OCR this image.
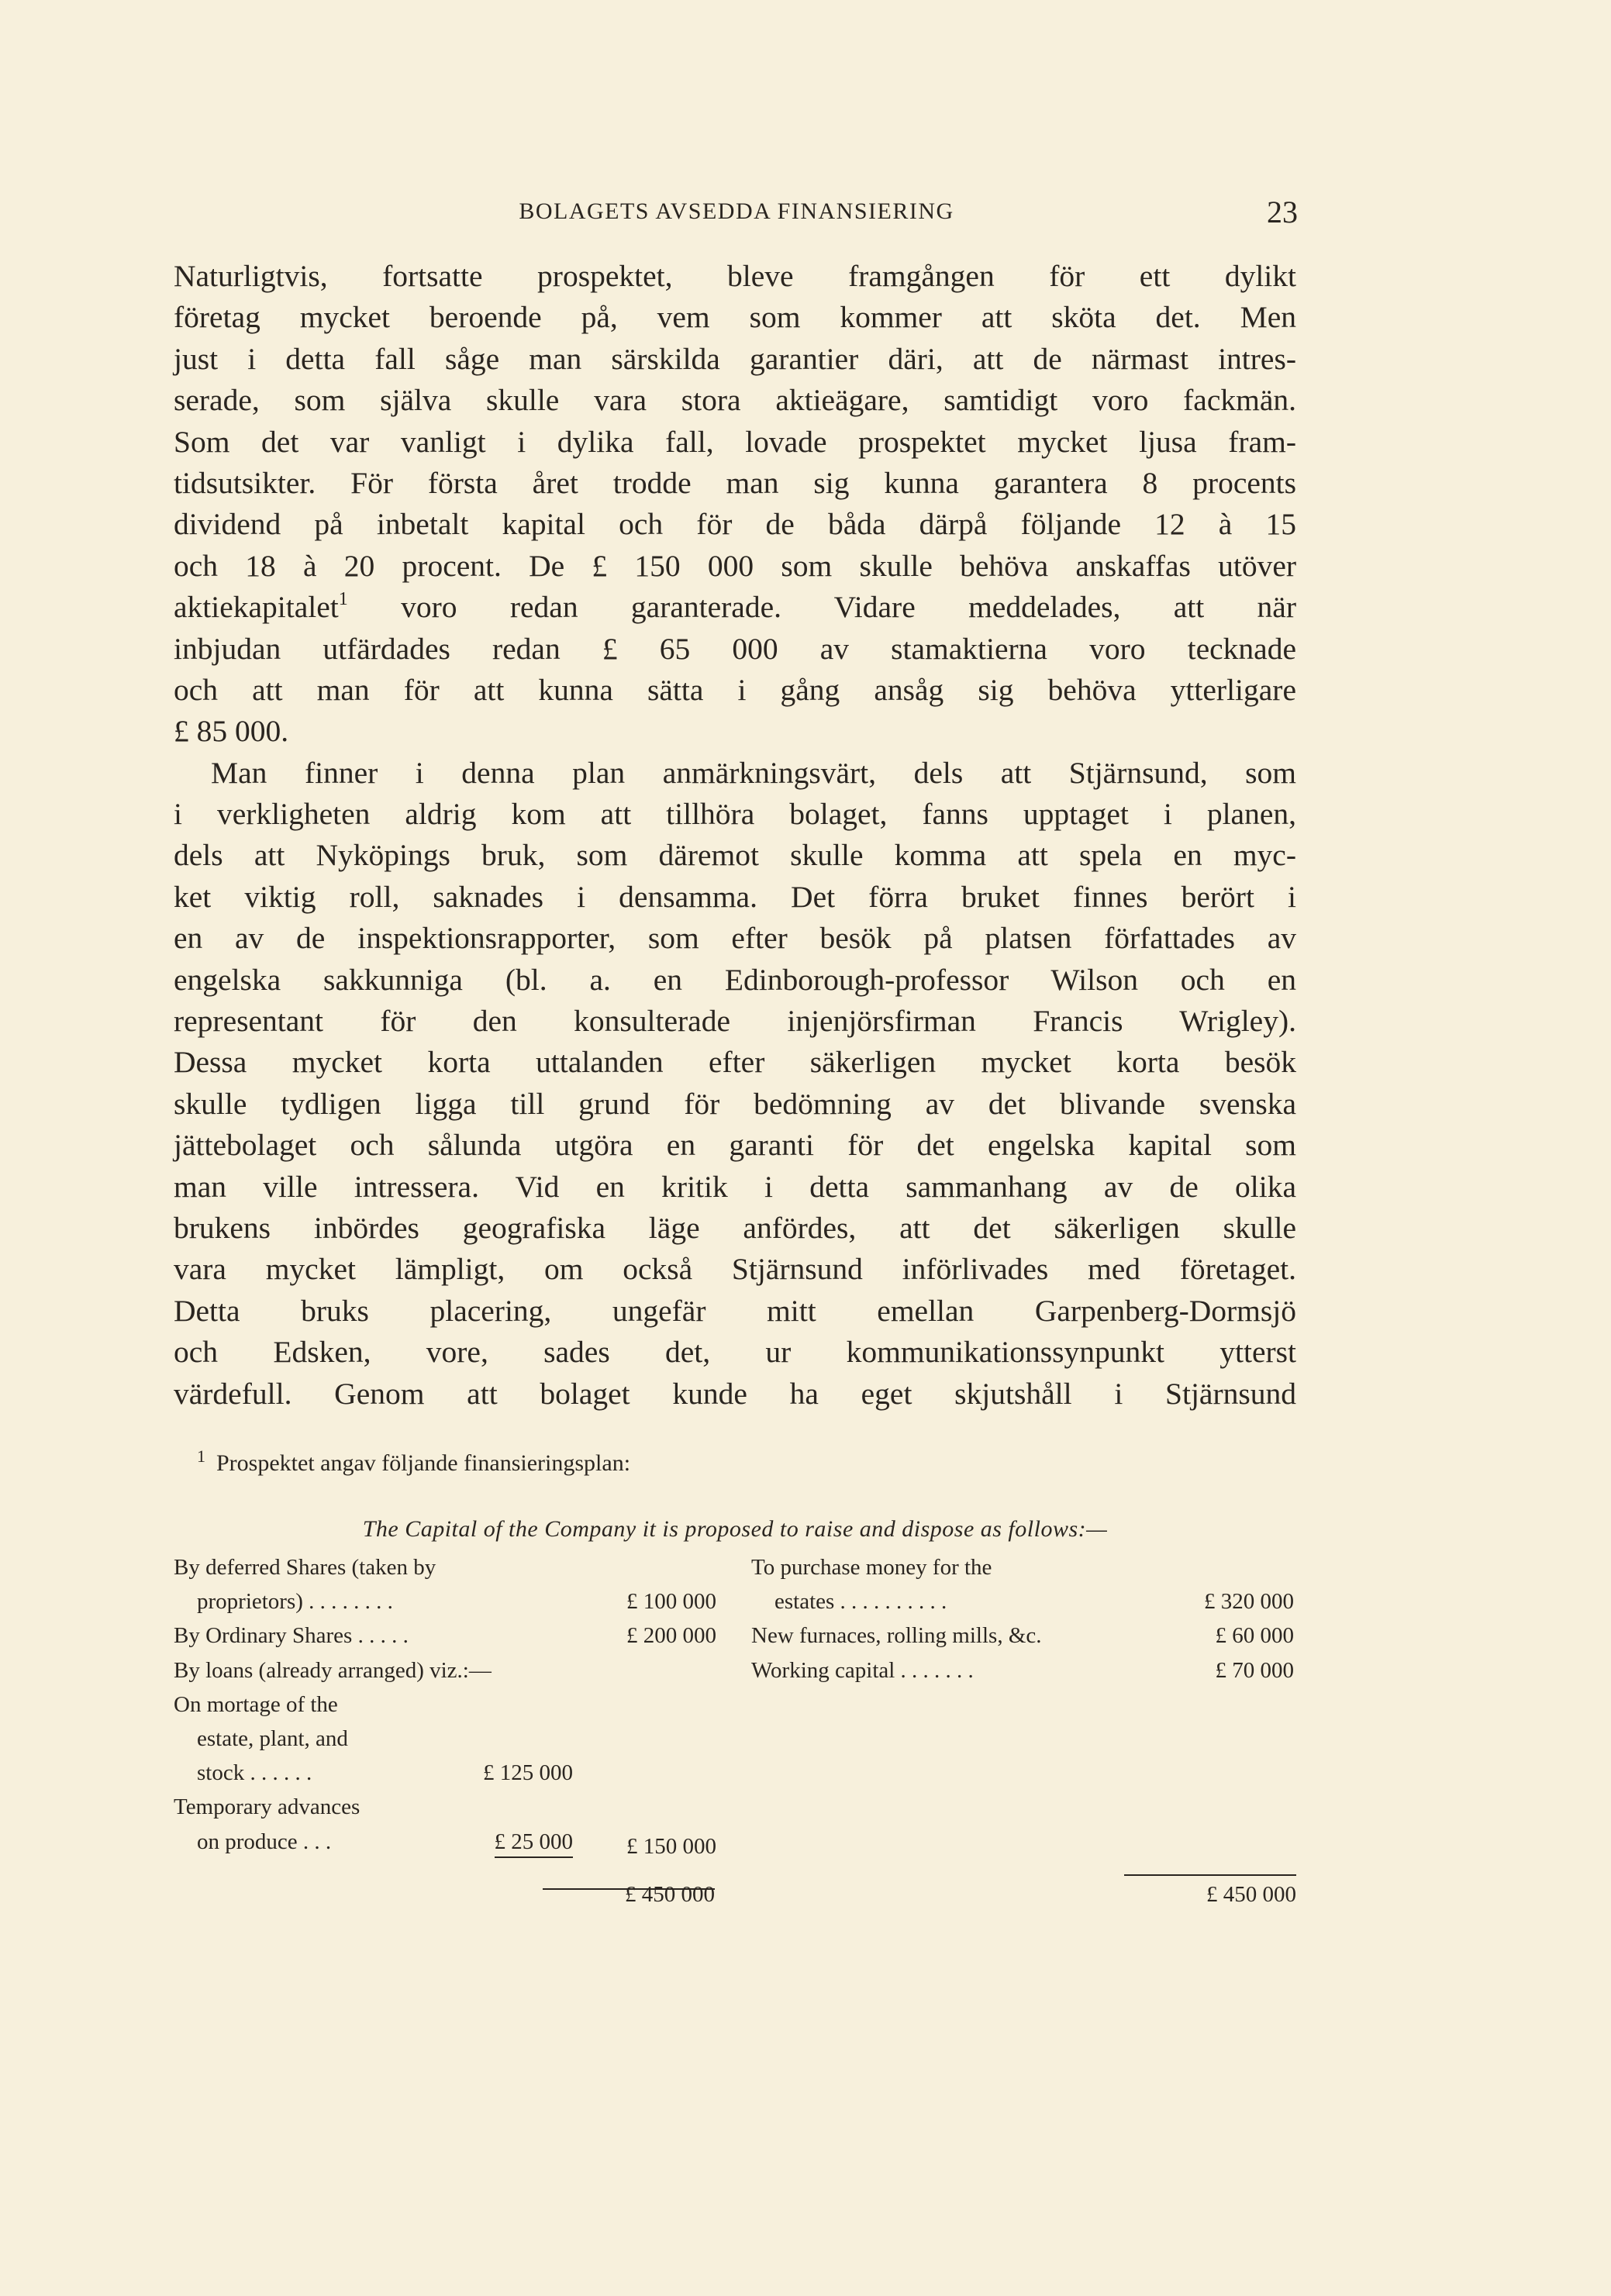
BOLAGETS AVSEDDA FINANSIERING	23
Naturligtvis, fortsatte prospektet, bleve framgången för ett dylikt
företag mycket beroende på, vem som kommer att sköta det. Men
just i detta fall såge man särskilda garantier däri, att de närmast intres-
serade, som själva skulle vara stora aktieägare, samtidigt voro fackmän.
Som det var vanligt i dylika fall, lovade prospektet mycket ljusa fram-
tidsutsikter. För första året trodde man sig kunna garantera 8 procents
dividend på inbetalt kapital och för de båda därpå följande 12 à 15
och 18 à 20 procent. De £ 150 000 som skulle behöva anskaffas utöver
aktiekapitalet$^1$ voro redan garanterade. Vidare meddelades, att när
inbjudan utfärdades redan £ 65 000 av stamaktierna voro tecknade
och att man för att kunna sätta i gång ansåg sig behöva ytterligare
£ 85 000.
Man finner i denna plan anmärkningsvärt, dels att Stjärnsund, som
i verkligheten aldrig kom att tillhöra bolaget, fanns upptaget i planen,
dels att Nyköpings bruk, som däremot skulle komma att spela en myc-
ket viktig roll, saknades i densamma. Det förra bruket finnes berört i
en av de inspektionsrapporter, som efter besök på platsen författades av
engelska sakkunniga (bl. a. en Edinborough-professor Wilson och en
representant för den konsulterade injenjörsfirman Francis Wrigley).
Dessa mycket korta uttalanden efter säkerligen mycket korta besök
skulle tydligen ligga till grund för bedömning av det blivande svenska
jättebolaget och sålunda utgöra en garanti för det engelska kapital som
man ville intressera. Vid en kritik i detta sammanhang av de olika
brukens inbördes geografiska läge anfördes, att det säkerligen skulle
vara mycket lämpligt, om också Stjärnsund införlivades med företaget.
Detta bruks placering, ungefär mitt emellan Garpenberg-Dormsjö
och Edsken, vore, sades det, ur kommunikationssynpunkt ytterst
värdefull. Genom att bolaget kunde ha eget skjutshåll i Stjärnsund
$^1$ Prospektet angav följande finansieringsplan:
The Capital of the Company it is proposed to raise and dispose as follows:—
By deferred Shares (taken by
proprietors) . . . . . . . .	£ 100 000
By Ordinary Shares . . . . .	£ 200 000
By loans (already arranged) viz.:—
On mortage of the
estate, plant, and
stock . . . . . .	£ 125 000
Temporary advances
on produce . . .	£ 25 000 £ 150 000
To purchase money for the
estates . . . . . . . . . .	£ 320 000
New furnaces, rolling mills, &c.	£ 60 000
Working capital . . . . . . .	£ 70 000
£ 450 000	£ 450 000
